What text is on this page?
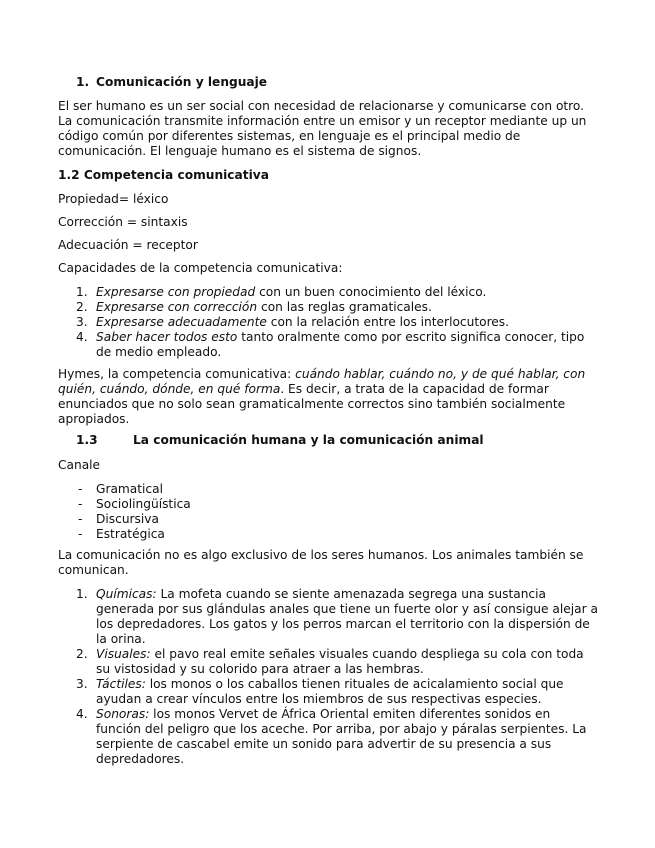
1. Comunicación y lenguaje

El ser humano es un ser social con necesidad de relacionarse y comunicarse con otro. La comunicación transmite información entre un emisor y un receptor mediante up un código común por diferentes sistemas, en lenguaje es el principal medio de comunicación. El lenguaje humano es el sistema de signos.

1.2 Competencia comunicativa

Propiedad= léxico

Corrección = sintaxis

Adecuación = receptor

Capacidades de la competencia comunicativa:

1. Expresarse con propiedad con un buen conocimiento del léxico.
2. Expresarse con corrección con las reglas gramaticales.
3. Expresarse adecuadamente con la relación entre los interlocutores.
4. Saber hacer todos esto tanto oralmente como por escrito significa conocer, tipo de medio empleado.

Hymes, la competencia comunicativa: cuándo hablar, cuándo no, y de qué hablar, con quién, cuándo, dónde, en qué forma. Es decir, a trata de la capacidad de formar enunciados que no solo sean gramaticalmente correctos sino también socialmente apropiados.

1.3	La comunicación humana y la comunicación animal

Canale

- Gramatical
- Sociolingüística
- Discursiva
- Estratégica

La comunicación no es algo exclusivo de los seres humanos. Los animales también se comunican.

1. Químicas: La mofeta cuando se siente amenazada segrega una sustancia generada por sus glándulas anales que tiene un fuerte olor y así consigue alejar a los depredadores. Los gatos y los perros marcan el territorio con la dispersión de la orina.
2. Visuales: el pavo real emite señales visuales cuando despliega su cola con toda su vistosidad y su colorido para atraer a las hembras.
3. Táctiles: los monos o los caballos tienen rituales de acicalamiento social que ayudan a crear vínculos entre los miembros de sus respectivas especies.
4. Sonoras: los monos Vervet de África Oriental emiten diferentes sonidos en función del peligro que los aceche. Por arriba, por abajo y páralas serpientes. La serpiente de cascabel emite un sonido para advertir de su presencia a sus depredadores.
